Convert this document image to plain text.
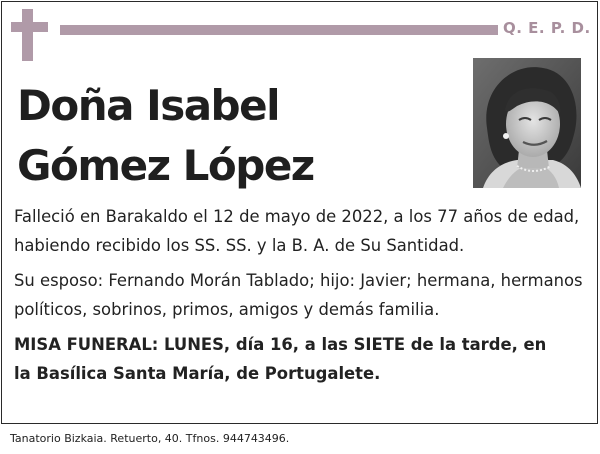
Q. E. P. D.
Doña Isabel
Gómez López
Falleció en Barakaldo el 12 de mayo de 2022, a los 77 años de edad,
habiendo recibido los SS. SS. y la B. A. de Su Santidad.
Su esposo: Fernando Morán Tablado; hijo: Javier; hermana, hermanos
políticos, sobrinos, primos, amigos y demás familia.
MISA FUNERAL: LUNES, día 16, a las SIETE de la tarde, en
la Basílica Santa María, de Portugalete.
Tanatorio Bizkaia. Retuerto, 40. Tfnos. 944743496.
